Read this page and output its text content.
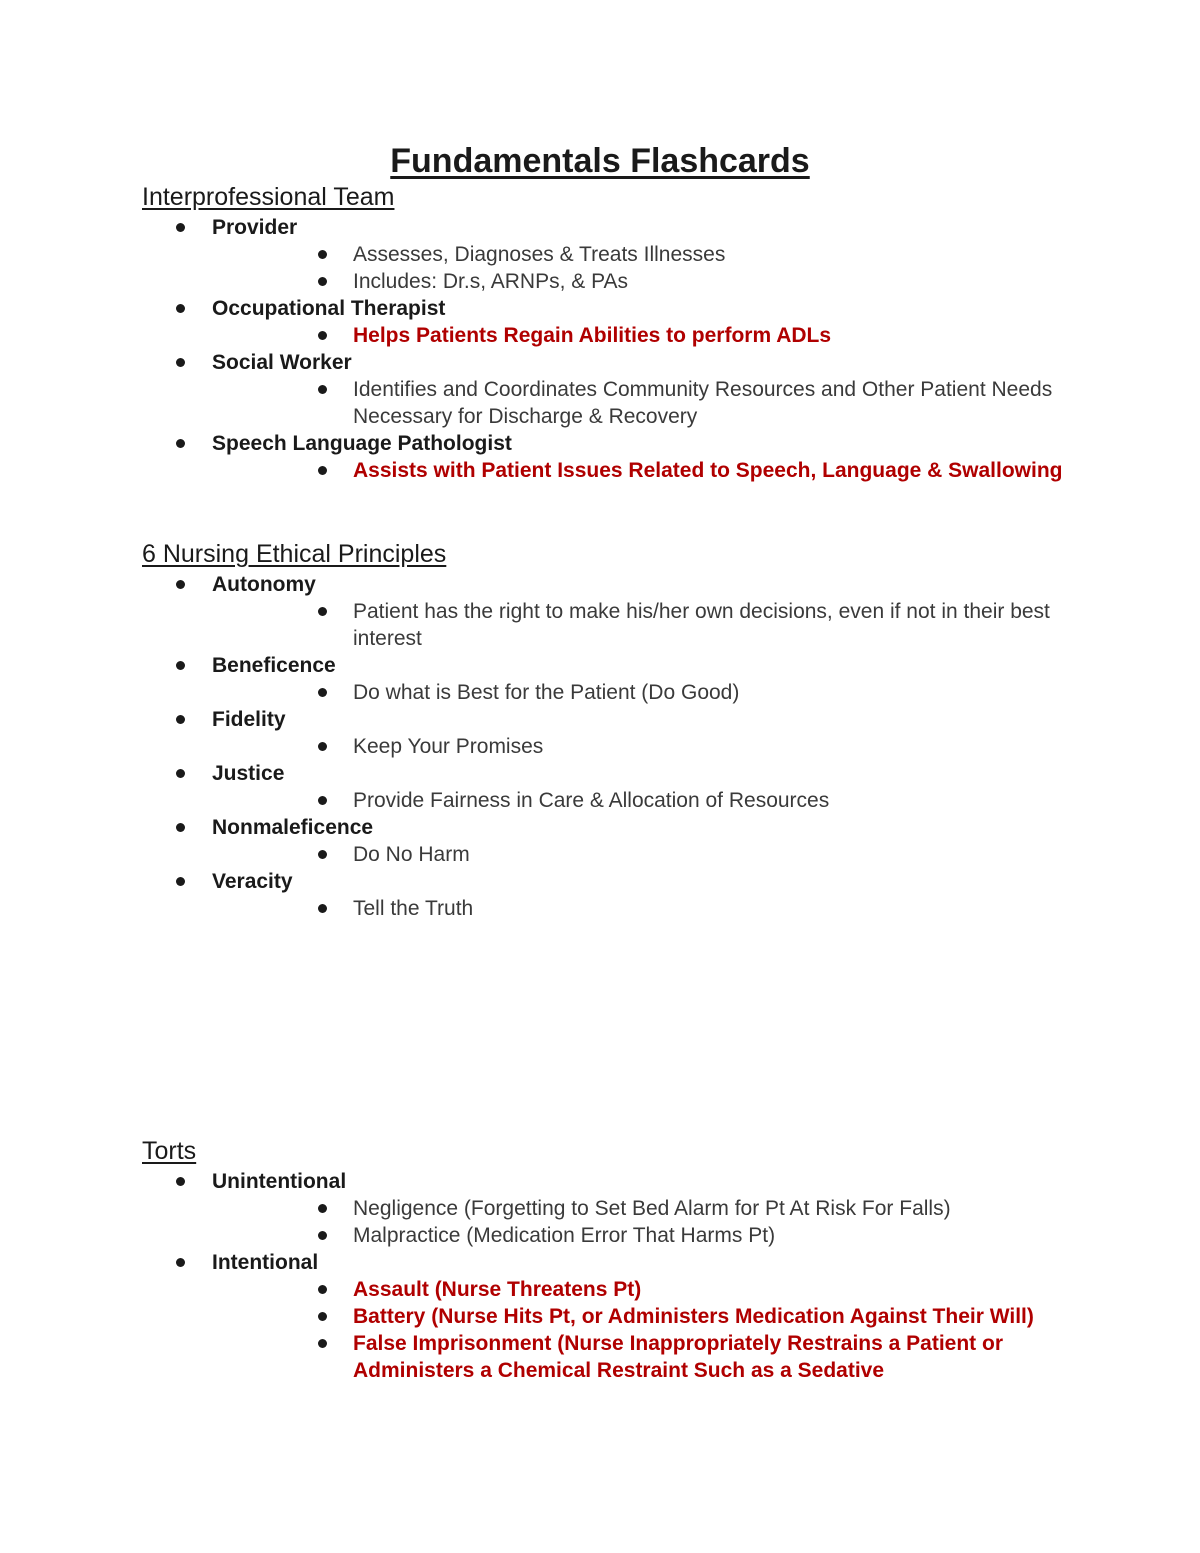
Fundamentals Flashcards
Interprofessional Team
Provider
Assesses, Diagnoses & Treats Illnesses
Includes: Dr.s, ARNPs, & PAs
Occupational Therapist
Helps Patients Regain Abilities to perform ADLs
Social Worker
Identifies and Coordinates Community Resources and Other Patient Needs Necessary for Discharge & Recovery
Speech Language Pathologist
Assists with Patient Issues Related to Speech, Language & Swallowing
6 Nursing Ethical Principles
Autonomy
Patient has the right to make his/her own decisions, even if not in their best interest
Beneficence
Do what is Best for the Patient (Do Good)
Fidelity
Keep Your Promises
Justice
Provide Fairness in Care & Allocation of Resources
Nonmaleficence
Do No Harm
Veracity
Tell the Truth
Torts
Unintentional
Negligence (Forgetting to Set Bed Alarm for Pt At Risk For Falls)
Malpractice (Medication Error That Harms Pt)
Intentional
Assault (Nurse Threatens Pt)
Battery (Nurse Hits Pt, or Administers Medication Against Their Will)
False Imprisonment (Nurse Inappropriately Restrains a Patient or Administers a Chemical Restraint Such as a Sedative
